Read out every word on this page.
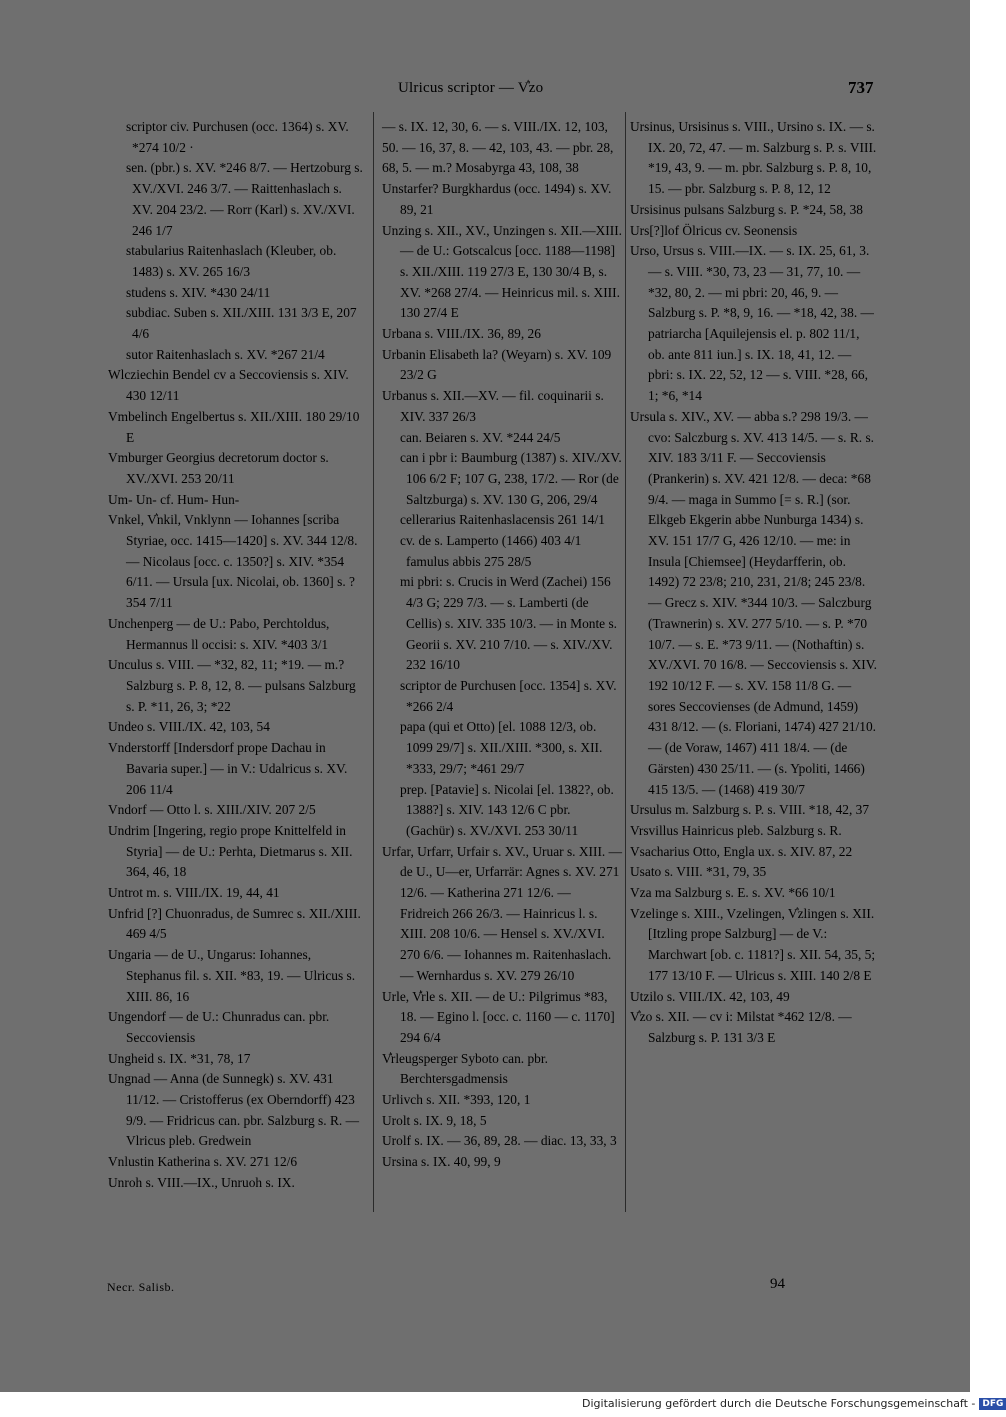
Ulricus scriptor — V͛zo	737
scriptor civ. Purchusen (occ. 1364) s. XV. *274 10/2 ·
sen. (pbr.) s. XV. *246 8/7. — Hertzoburg s. XV./XVI. 246 3/7. — Raittenhaslach s. XV. 204 23/2. — Rorr (Karl) s. XV./XVI. 246 1/7
stabularius Raitenhaslach (Kleuber, ob. 1483) s. XV. 265 16/3
studens s. XIV. *430 24/11
subdiac. Suben s. XII./XIII. 131 3/3 E, 207 4/6
sutor Raitenhaslach s. XV. *267 21/4
Wlcziechin Bendel cv a Seccoviensis s. XIV. 430 12/11
Vmbelinch Engelbertus s. XII./XIII. 180 29/10 E
Vmburger Georgius decretorum doctor s. XV./XVI. 253 20/11
Um- Un- cf. Hum- Hun-
Vnkel, V͛nkil, Vnklynn — Iohannes [scriba Styriae, occ. 1415—1420] s. XV. 344 12/8. — Nicolaus [occ. c. 1350?] s. XIV. *354 6/11. — Ursula [ux. Nicolai, ob. 1360] s. ? 354 7/11
Unchenperg — de U.: Pabo, Perchtoldus, Hermannus ll occisi: s. XIV. *403 3/1
Unculus s. VIII. — *32, 82, 11; *19. — m.? Salzburg s. P. 8, 12, 8. — pulsans Salzburg s. P. *11, 26, 3; *22
Undeo s. VIII./IX. 42, 103, 54
Vnderstorff [Indersdorf prope Dachau in Bavaria super.] — in V.: Udalricus s. XV. 206 11/4
Vndorf — Otto l. s. XIII./XIV. 207 2/5
Undrim [Ingering, regio prope Knittelfeld in Styria] — de U.: Perhta, Dietmarus s. XII. 364, 46, 18
Untrot m. s. VIII./IX. 19, 44, 41
Unfrid [?] Chuonradus, de Sumrec s. XII./XIII. 469 4/5
Ungaria — de U., Ungarus: Iohannes, Stephanus fil. s. XII. *83, 19. — Ulricus s. XIII. 86, 16
Ungendorf — de U.: Chunradus can. pbr. Seccoviensis
Ungheid s. IX. *31, 78, 17
Ungnad — Anna (de Sunnegk) s. XV. 431 11/12. — Cristofferus (ex Oberndorff) 423 9/9. — Fridricus can. pbr. Salzburg s. R. — Vlricus pleb. Gredwein
Vnlustin Katherina s. XV. 271 12/6
Unroh s. VIII.—IX., Unruoh s. IX.
— s. IX. 12, 30, 6. — s. VIII./IX. 12, 103, 50. — 16, 37, 8. — 42, 103, 43. — pbr. 28, 68, 5. — m.? Mosabyrga 43, 108, 38
Unstarfer? Burgkhardus (occ. 1494) s. XV. 89, 21
Unzing s. XII., XV., Unzingen s. XII.—XIII. — de U.: Gotscalcus [occ. 1188—1198] s. XII./XIII. 119 27/3 E, 130 30/4 B, s. XV. *268 27/4. — Heinricus mil. s. XIII. 130 27/4 E
Urbana s. VIII./IX. 36, 89, 26
Urbanin Elisabeth la? (Weyarn) s. XV. 109 23/2 G
Urbanus s. XII.—XV. — fil. coquinarii s. XIV. 337 26/3
can. Beiaren s. XV. *244 24/5
can i pbr i: Baumburg (1387) s. XIV./XV. 106 6/2 F; 107 G, 238, 17/2. — Ror (de Saltzburga) s. XV. 130 G, 206, 29/4
cellerarius Raitenhaslacensis 261 14/1
cv. de s. Lamperto (1466) 403 4/1 famulus abbis 275 28/5
mi pbri: s. Crucis in Werd (Zachei) 156 4/3 G; 229 7/3. — s. Lamberti (de Cellis) s. XIV. 335 10/3. — in Monte s. Georii s. XV. 210 7/10. — s. XIV./XV. 232 16/10
scriptor de Purchusen [occ. 1354] s. XV. *266 2/4
papa (qui et Otto) [el. 1088 12/3, ob. 1099 29/7] s. XII./XIII. *300, s. XII. *333, 29/7; *461 29/7
prep. [Patavie] s. Nicolai [el. 1382?, ob. 1388?] s. XIV. 143 12/6 C pbr. (Gachür) s. XV./XVI. 253 30/11
Urfar, Urfarr, Urfair s. XV., Uruar s. XIII. — de U., U—er, Urfarrär: Agnes s. XV. 271 12/6. — Katherina 271 12/6. — Fridreich 266 26/3. — Hainricus l. s. XIII. 208 10/6. — Hensel s. XV./XVI. 270 6/6. — Iohannes m. Raitenhaslach. — Wernhardus s. XV. 279 26/10
Urle, V͛rle s. XII. — de U.: Pilgrimus *83, 18. — Egino l. [occ. c. 1160 — c. 1170] 294 6/4
V͛rleugsperger Syboto can. pbr. Berchtersgadmensis
Urlivch s. XII. *393, 120, 1
Urolt s. IX. 9, 18, 5
Urolf s. IX. — 36, 89, 28. — diac. 13, 33, 3
Ursina s. IX. 40, 99, 9
Ursinus, Ursisinus s. VIII., Ursino s. IX. — s. IX. 20, 72, 47. — m. Salzburg s. P. s. VIII. *19, 43, 9. — m. pbr. Salzburg s. P. 8, 10, 15. — pbr. Salzburg s. P. 8, 12, 12
Ursisinus pulsans Salzburg s. P. *24, 58, 38
Urs[?]lof Ölricus cv. Seonensis
Urso, Ursus s. VIII.—IX. — s. IX. 25, 61, 3. — s. VIII. *30, 73, 23 — 31, 77, 10. — *32, 80, 2. — mi pbri: 20, 46, 9. — Salzburg s. P. *8, 9, 16. — *18, 42, 38. — patriarcha [Aquilejensis el. p. 802 11/1, ob. ante 811 iun.] s. IX. 18, 41, 12. — pbri: s. IX. 22, 52, 12 — s. VIII. *28, 66, 1; *6, *14
Ursula s. XIV., XV. — abba s.? 298 19/3. — cvo: Salczburg s. XV. 413 14/5. — s. R. s. XIV. 183 3/11 F. — Seccoviensis (Prankerin) s. XV. 421 12/8. — deca: *68 9/4. — maga in Summo [= s. R.] (sor. Elkgeb Ekgerin abbe Nunburga 1434) s. XV. 151 17/7 G, 426 12/10. — me: in Insula [Chiemsee] (Heydarfferin, ob. 1492) 72 23/8; 210, 231, 21/8; 245 23/8. — Grecz s. XIV. *344 10/3. — Salczburg (Trawnerin) s. XV. 277 5/10. — s. P. *70 10/7. — s. E. *73 9/11. — (Nothaftin) s. XV./XVI. 70 16/8. — Seccoviensis s. XIV. 192 10/12 F. — s. XV. 158 11/8 G. — sores Seccovienses (de Admund, 1459) 431 8/12. — (s. Floriani, 1474) 427 21/10. — (de Voraw, 1467) 411 18/4. — (de Gärsten) 430 25/11. — (s. Ypoliti, 1466) 415 13/5. — (1468) 419 30/7
Ursulus m. Salzburg s. P. s. VIII. *18, 42, 37
Vrsvillus Hainricus pleb. Salzburg s. R.
Vsacharius Otto, Engla ux. s. XIV. 87, 22
Usato s. VIII. *31, 79, 35
Vza ma Salzburg s. E. s. XV. *66 10/1
Vzelinge s. XIII., Vzelingen, V͛zlingen s. XII. [Itzling prope Salzburg] — de V.: Marchwart [ob. c. 1181?] s. XII. 54, 35, 5; 177 13/10 F. — Ulricus s. XIII. 140 2/8 E
Utzilo s. VIII./IX. 42, 103, 49
V͛zo s. XII. — cv i: Milstat *462 12/8. — Salzburg s. P. 131 3/3 E
Necr. Salisb.	94
Digitalisierung gefördert durch die Deutsche Forschungsgemeinschaft - DFG
